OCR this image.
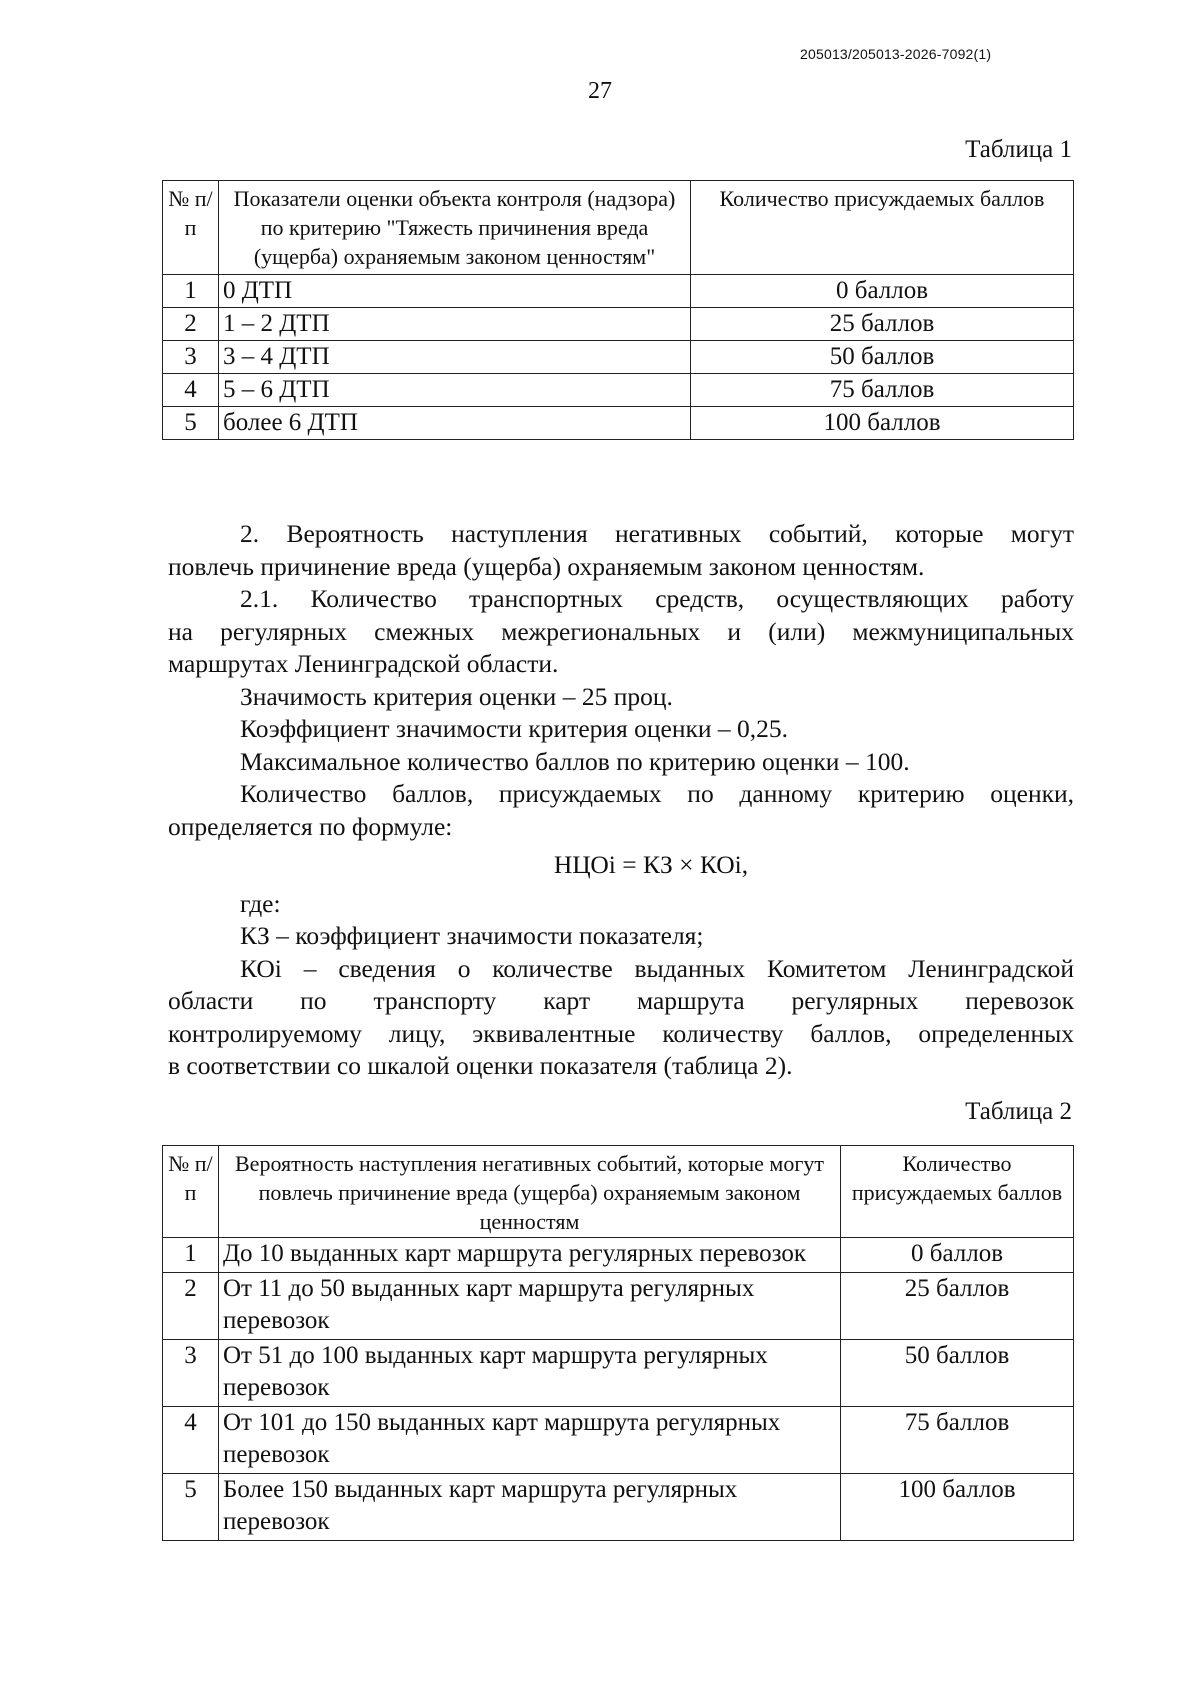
205013/205013-2026-7092(1)
27
Таблица 1
№ п/п	Показатели оценки объекта контроля (надзора) по критерию "Тяжесть причинения вреда (ущерба) охраняемым законом ценностям"	Количество присуждаемых баллов
1	0 ДТП	0 баллов
2	1 – 2 ДТП	25 баллов
3	3 – 4 ДТП	50 баллов
4	5 – 6 ДТП	75 баллов
5	более 6 ДТП	100 баллов

2. Вероятность наступления негативных событий, которые могут

повлечь причинение вреда (ущерба) охраняемым законом ценностям.

2.1. Количество транспортных средств, осуществляющих работу

на регулярных смежных межрегиональных и (или) межмуниципальных

маршрутах Ленинградской области.

Значимость критерия оценки – 25 проц.

Коэффициент значимости критерия оценки – 0,25.

Максимальное количество баллов по критерию оценки – 100.

Количество баллов, присуждаемых по данному критерию оценки,

определяется по формуле:

НЦОi = КЗ × КОi,

где:

КЗ – коэффициент значимости показателя;

КОi – сведения о количестве выданных Комитетом Ленинградской

области по транспорту карт маршрута регулярных перевозок

контролируемому лицу, эквивалентные количеству баллов, определенных

в соответствии со шкалой оценки показателя (таблица 2).

Таблица 2
№ п/п	Вероятность наступления негативных событий, которые могут повлечь причинение вреда (ущерба) охраняемым законом ценностям	Количество присуждаемых баллов
1	До 10 выданных карт маршрута регулярных перевозок	0 баллов
2	От 11 до 50 выданных карт маршрута регулярных перевозок	25 баллов
3	От 51 до 100 выданных карт маршрута регулярных перевозок	50 баллов
4	От 101 до 150 выданных карт маршрута регулярных перевозок	75 баллов
5	Более 150 выданных карт маршрута регулярных перевозок	100 баллов
